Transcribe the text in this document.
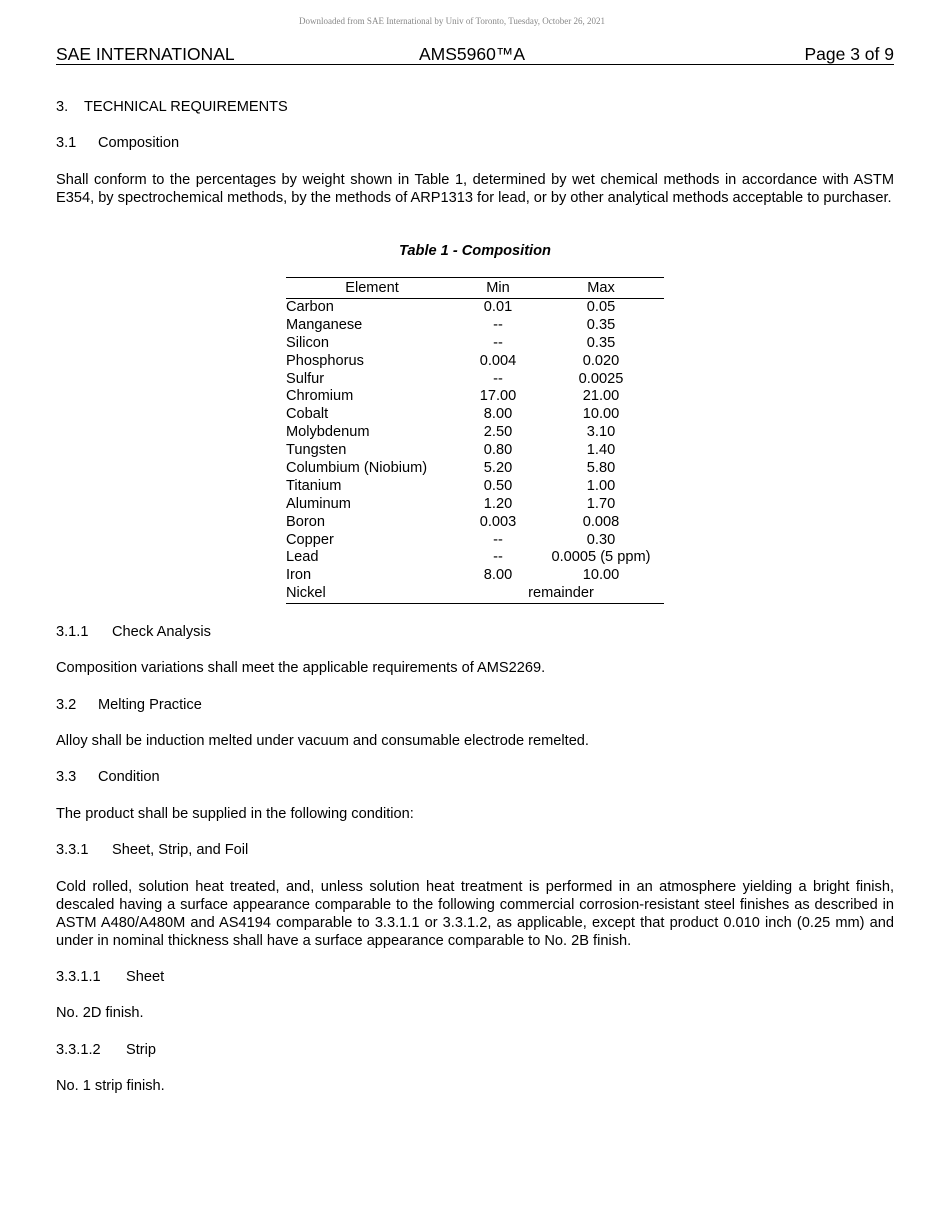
Downloaded from SAE International by Univ of Toronto, Tuesday, October 26, 2021
SAE INTERNATIONAL	AMS5960™A	Page 3 of 9
3. TECHNICAL REQUIREMENTS
3.1 Composition
Shall conform to the percentages by weight shown in Table 1, determined by wet chemical methods in accordance with ASTM E354, by spectrochemical methods, by the methods of ARP1313 for lead, or by other analytical methods acceptable to purchaser.
Table 1 - Composition
Element	Min	Max
Carbon	0.01	0.05
Manganese	--	0.35
Silicon	--	0.35
Phosphorus	0.004	0.020
Sulfur	--	0.0025
Chromium	17.00	21.00
Cobalt	8.00	10.00
Molybdenum	2.50	3.10
Tungsten	0.80	1.40
Columbium (Niobium)	5.20	5.80
Titanium	0.50	1.00
Aluminum	1.20	1.70
Boron	0.003	0.008
Copper	--	0.30
Lead	--	0.0005 (5 ppm)
Iron	8.00	10.00
Nickel	remainder
3.1.1 Check Analysis
Composition variations shall meet the applicable requirements of AMS2269.
3.2 Melting Practice
Alloy shall be induction melted under vacuum and consumable electrode remelted.
3.3 Condition
The product shall be supplied in the following condition:
3.3.1 Sheet, Strip, and Foil
Cold rolled, solution heat treated, and, unless solution heat treatment is performed in an atmosphere yielding a bright finish, descaled having a surface appearance comparable to the following commercial corrosion-resistant steel finishes as described in ASTM A480/A480M and AS4194 comparable to 3.3.1.1 or 3.3.1.2, as applicable, except that product 0.010 inch (0.25 mm) and under in nominal thickness shall have a surface appearance comparable to No. 2B finish.
3.3.1.1 Sheet
No. 2D finish.
3.3.1.2 Strip
No. 1 strip finish.
